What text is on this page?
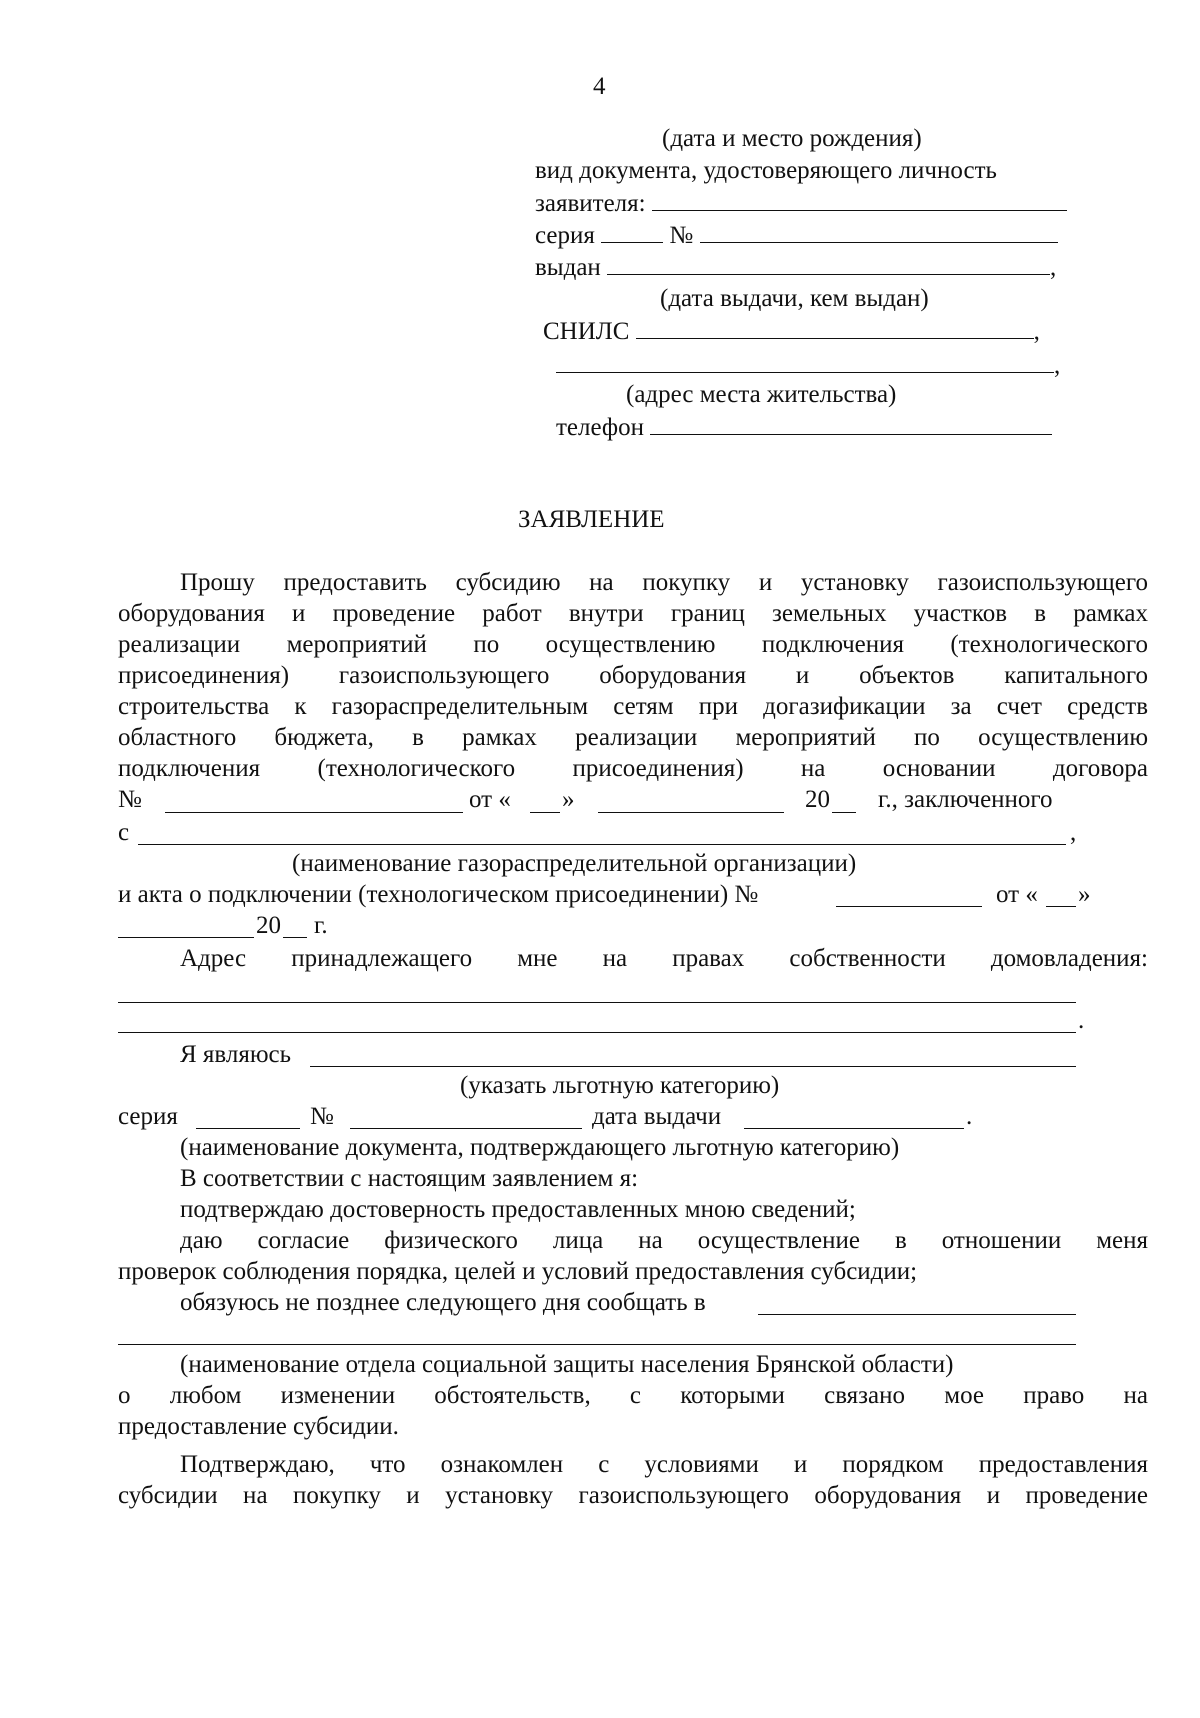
4
(дата и место рождения)
вид документа, удостоверяющего личность
заявителя:
серия	№
выдан	,
(дата выдачи, кем выдан)
СНИЛС	,
,
(адрес места жительства)
телефон
ЗАЯВЛЕНИЕ
Прошу предоставить субсидию на покупку и установку газоиспользующего
оборудования и проведение работ внутри границ земельных участков в рамках
реализации мероприятий по осуществлению подключения (технологического
присоединения) газоиспользующего оборудования и объектов капитального
строительства к газораспределительным сетям при догазификации за счет средств
областного бюджета, в рамках реализации мероприятий по осуществлению
подключения (технологического присоединения) на основании договора
№	от « »	20 г., заключенного
с	,
(наименование газораспределительной организации)
и акта о подключении (технологическом присоединении) №	от « »
20 г.
Адрес принадлежащего мне на правах собственности домовладения:
.
Я являюсь
(указать льготную категорию)
серия	№	дата выдачи	.
(наименование документа, подтверждающего льготную категорию)
В соответствии с настоящим заявлением я:
подтверждаю достоверность предоставленных мною сведений;
даю согласие физического лица на осуществление в отношении меня
проверок соблюдения порядка, целей и условий предоставления субсидии;
обязуюсь не позднее следующего дня сообщать в
(наименование отдела социальной защиты населения Брянской области)
о любом изменении обстоятельств, с которыми связано мое право на
предоставление субсидии.
Подтверждаю, что ознакомлен с условиями и порядком предоставления
субсидии на покупку и установку газоиспользующего оборудования и проведение
